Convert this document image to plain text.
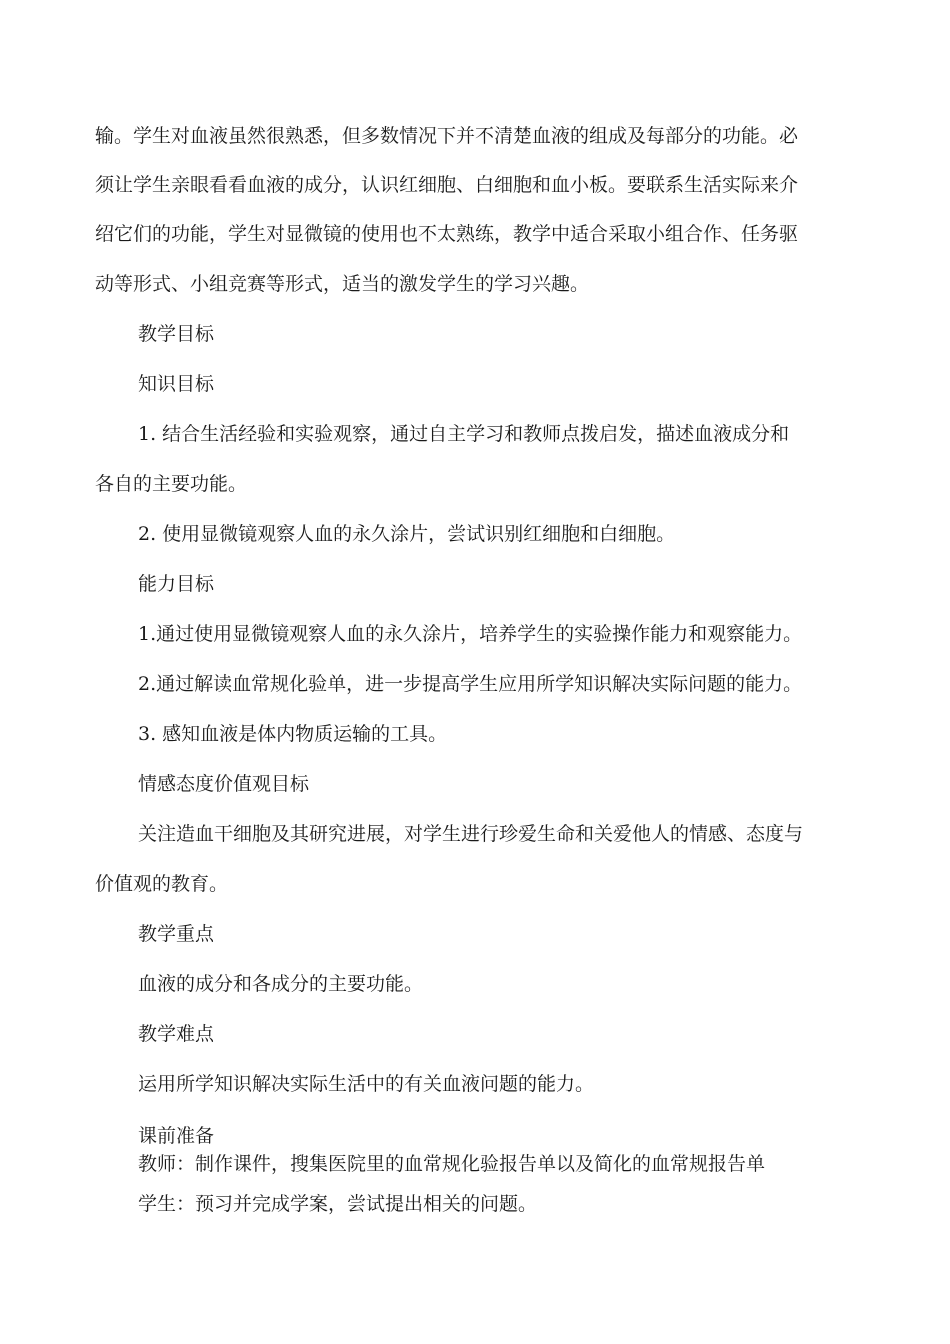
输。学生对血液虽然很熟悉，但多数情况下并不清楚血液的组成及每部分的功能。必

须让学生亲眼看看血液的成分，认识红细胞、白细胞和血小板。要联系生活实际来介

绍它们的功能，学生对显微镜的使用也不太熟练，教学中适合采取小组合作、任务驱

动等形式、小组竞赛等形式，适当的激发学生的学习兴趣。

教学目标

知识目标

1. 结合生活经验和实验观察，通过自主学习和教师点拨启发，描述血液成分和

各自的主要功能。

2. 使用显微镜观察人血的永久涂片，尝试识别红细胞和白细胞。

能力目标

1.通过使用显微镜观察人血的永久涂片，培养学生的实验操作能力和观察能力。

2.通过解读血常规化验单，进一步提高学生应用所学知识解决实际问题的能力。

3. 感知血液是体内物质运输的工具。

情感态度价值观目标

关注造血干细胞及其研究进展，对学生进行珍爱生命和关爱他人的情感、态度与

价值观的教育。

教学重点

血液的成分和各成分的主要功能。

教学难点

运用所学知识解决实际生活中的有关血液问题的能力。

课前准备

教师：制作课件，搜集医院里的血常规化验报告单以及简化的血常规报告单

学生：预习并完成学案，尝试提出相关的问题。
